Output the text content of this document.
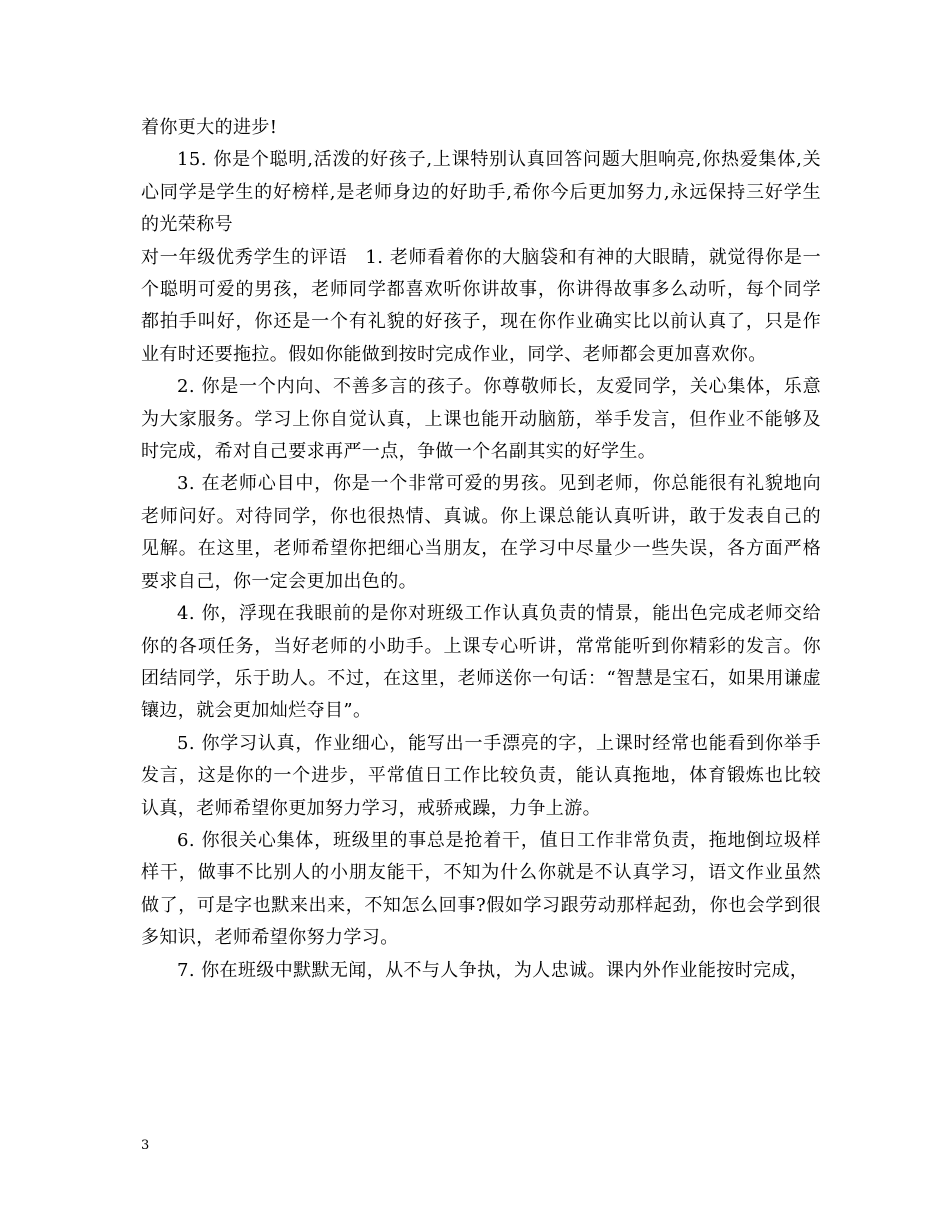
着你更大的进步!

15. 你是个聪明,活泼的好孩子,上课特别认真回答问题大胆响亮,你热爱集体,关心同学是学生的好榜样,是老师身边的好助手,希你今后更加努力,永远保持三好学生的光荣称号

对一年级优秀学生的评语 1. 老师看着你的大脑袋和有神的大眼睛，就觉得你是一个聪明可爱的男孩，老师同学都喜欢听你讲故事，你讲得故事多么动听，每个同学都拍手叫好，你还是一个有礼貌的好孩子，现在你作业确实比以前认真了，只是作业有时还要拖拉。假如你能做到按时完成作业，同学、老师都会更加喜欢你。

2. 你是一个内向、不善多言的孩子。你尊敬师长，友爱同学，关心集体，乐意为大家服务。学习上你自觉认真，上课也能开动脑筋，举手发言，但作业不能够及时完成，希对自己要求再严一点，争做一个名副其实的好学生。

3. 在老师心目中，你是一个非常可爱的男孩。见到老师，你总能很有礼貌地向老师问好。对待同学，你也很热情、真诚。你上课总能认真听讲，敢于发表自己的见解。在这里，老师希望你把细心当朋友，在学习中尽量少一些失误，各方面严格要求自己，你一定会更加出色的。

4. 你，浮现在我眼前的是你对班级工作认真负责的情景，能出色完成老师交给你的各项任务，当好老师的小助手。上课专心听讲，常常能听到你精彩的发言。你团结同学，乐于助人。不过，在这里，老师送你一句话：“智慧是宝石，如果用谦虚镶边，就会更加灿烂夺目”。

5. 你学习认真，作业细心，能写出一手漂亮的字，上课时经常也能看到你举手发言，这是你的一个进步，平常值日工作比较负责，能认真拖地，体育锻炼也比较认真，老师希望你更加努力学习，戒骄戒躁，力争上游。

6. 你很关心集体，班级里的事总是抢着干，值日工作非常负责，拖地倒垃圾样样干，做事不比别人的小朋友能干，不知为什么你就是不认真学习，语文作业虽然做了，可是字也默来出来，不知怎么回事?假如学习跟劳动那样起劲，你也会学到很多知识，老师希望你努力学习。

7. 你在班级中默默无闻，从不与人争执，为人忠诚。课内外作业能按时完成，

3
